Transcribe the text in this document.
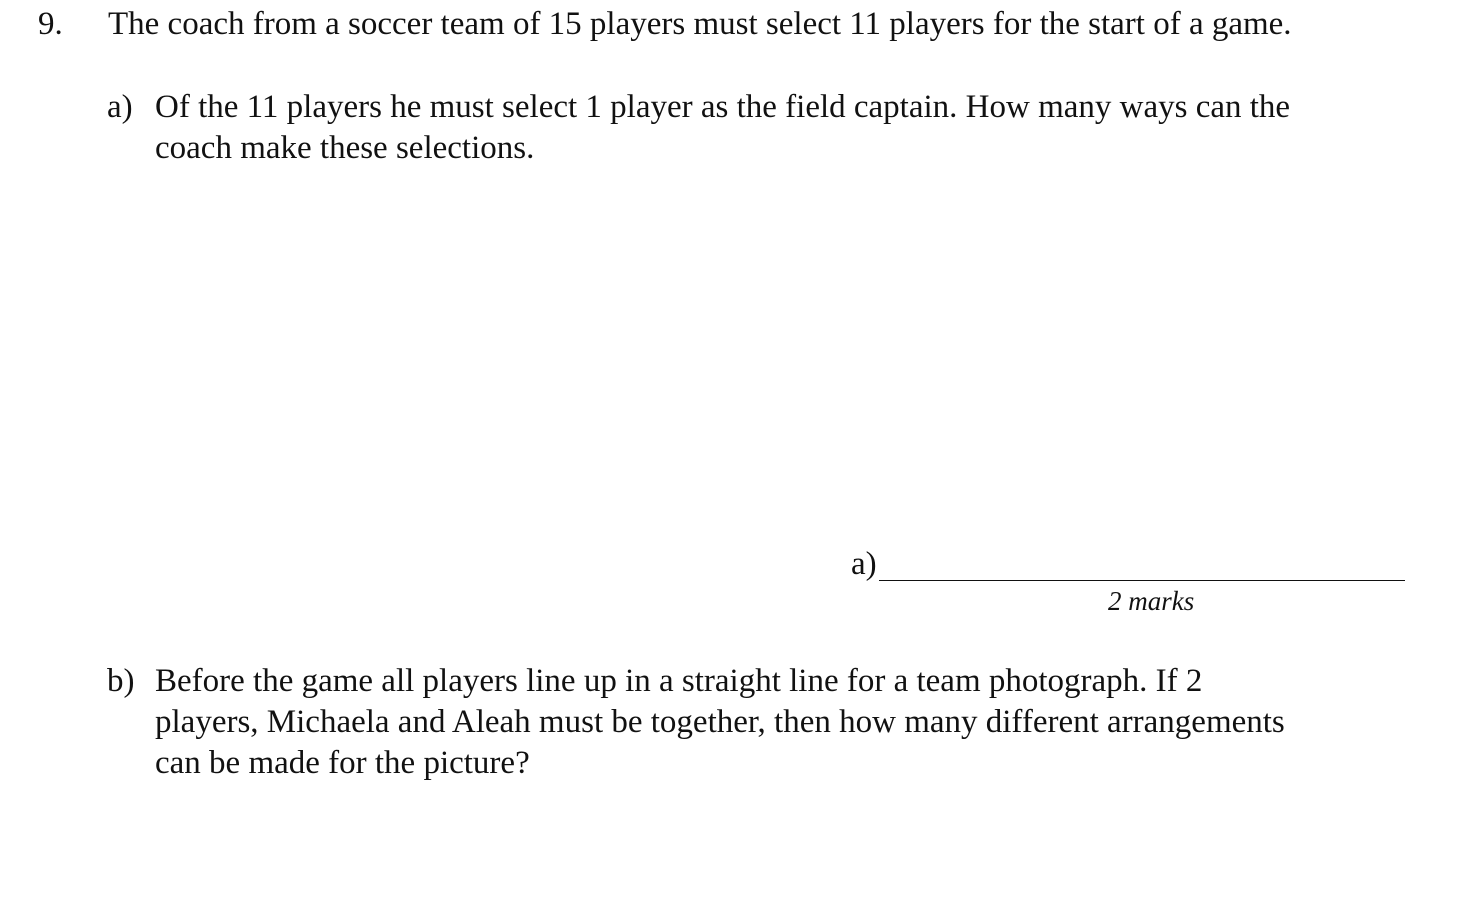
9. The coach from a soccer team of 15 players must select 11 players for the start of a game.
a) Of the 11 players he must select 1 player as the field captain. How many ways can the
coach make these selections.
a)
2 marks
b) Before the game all players line up in a straight line for a team photograph. If 2
players, Michaela and Aleah must be together, then how many different arrangements
can be made for the picture?
